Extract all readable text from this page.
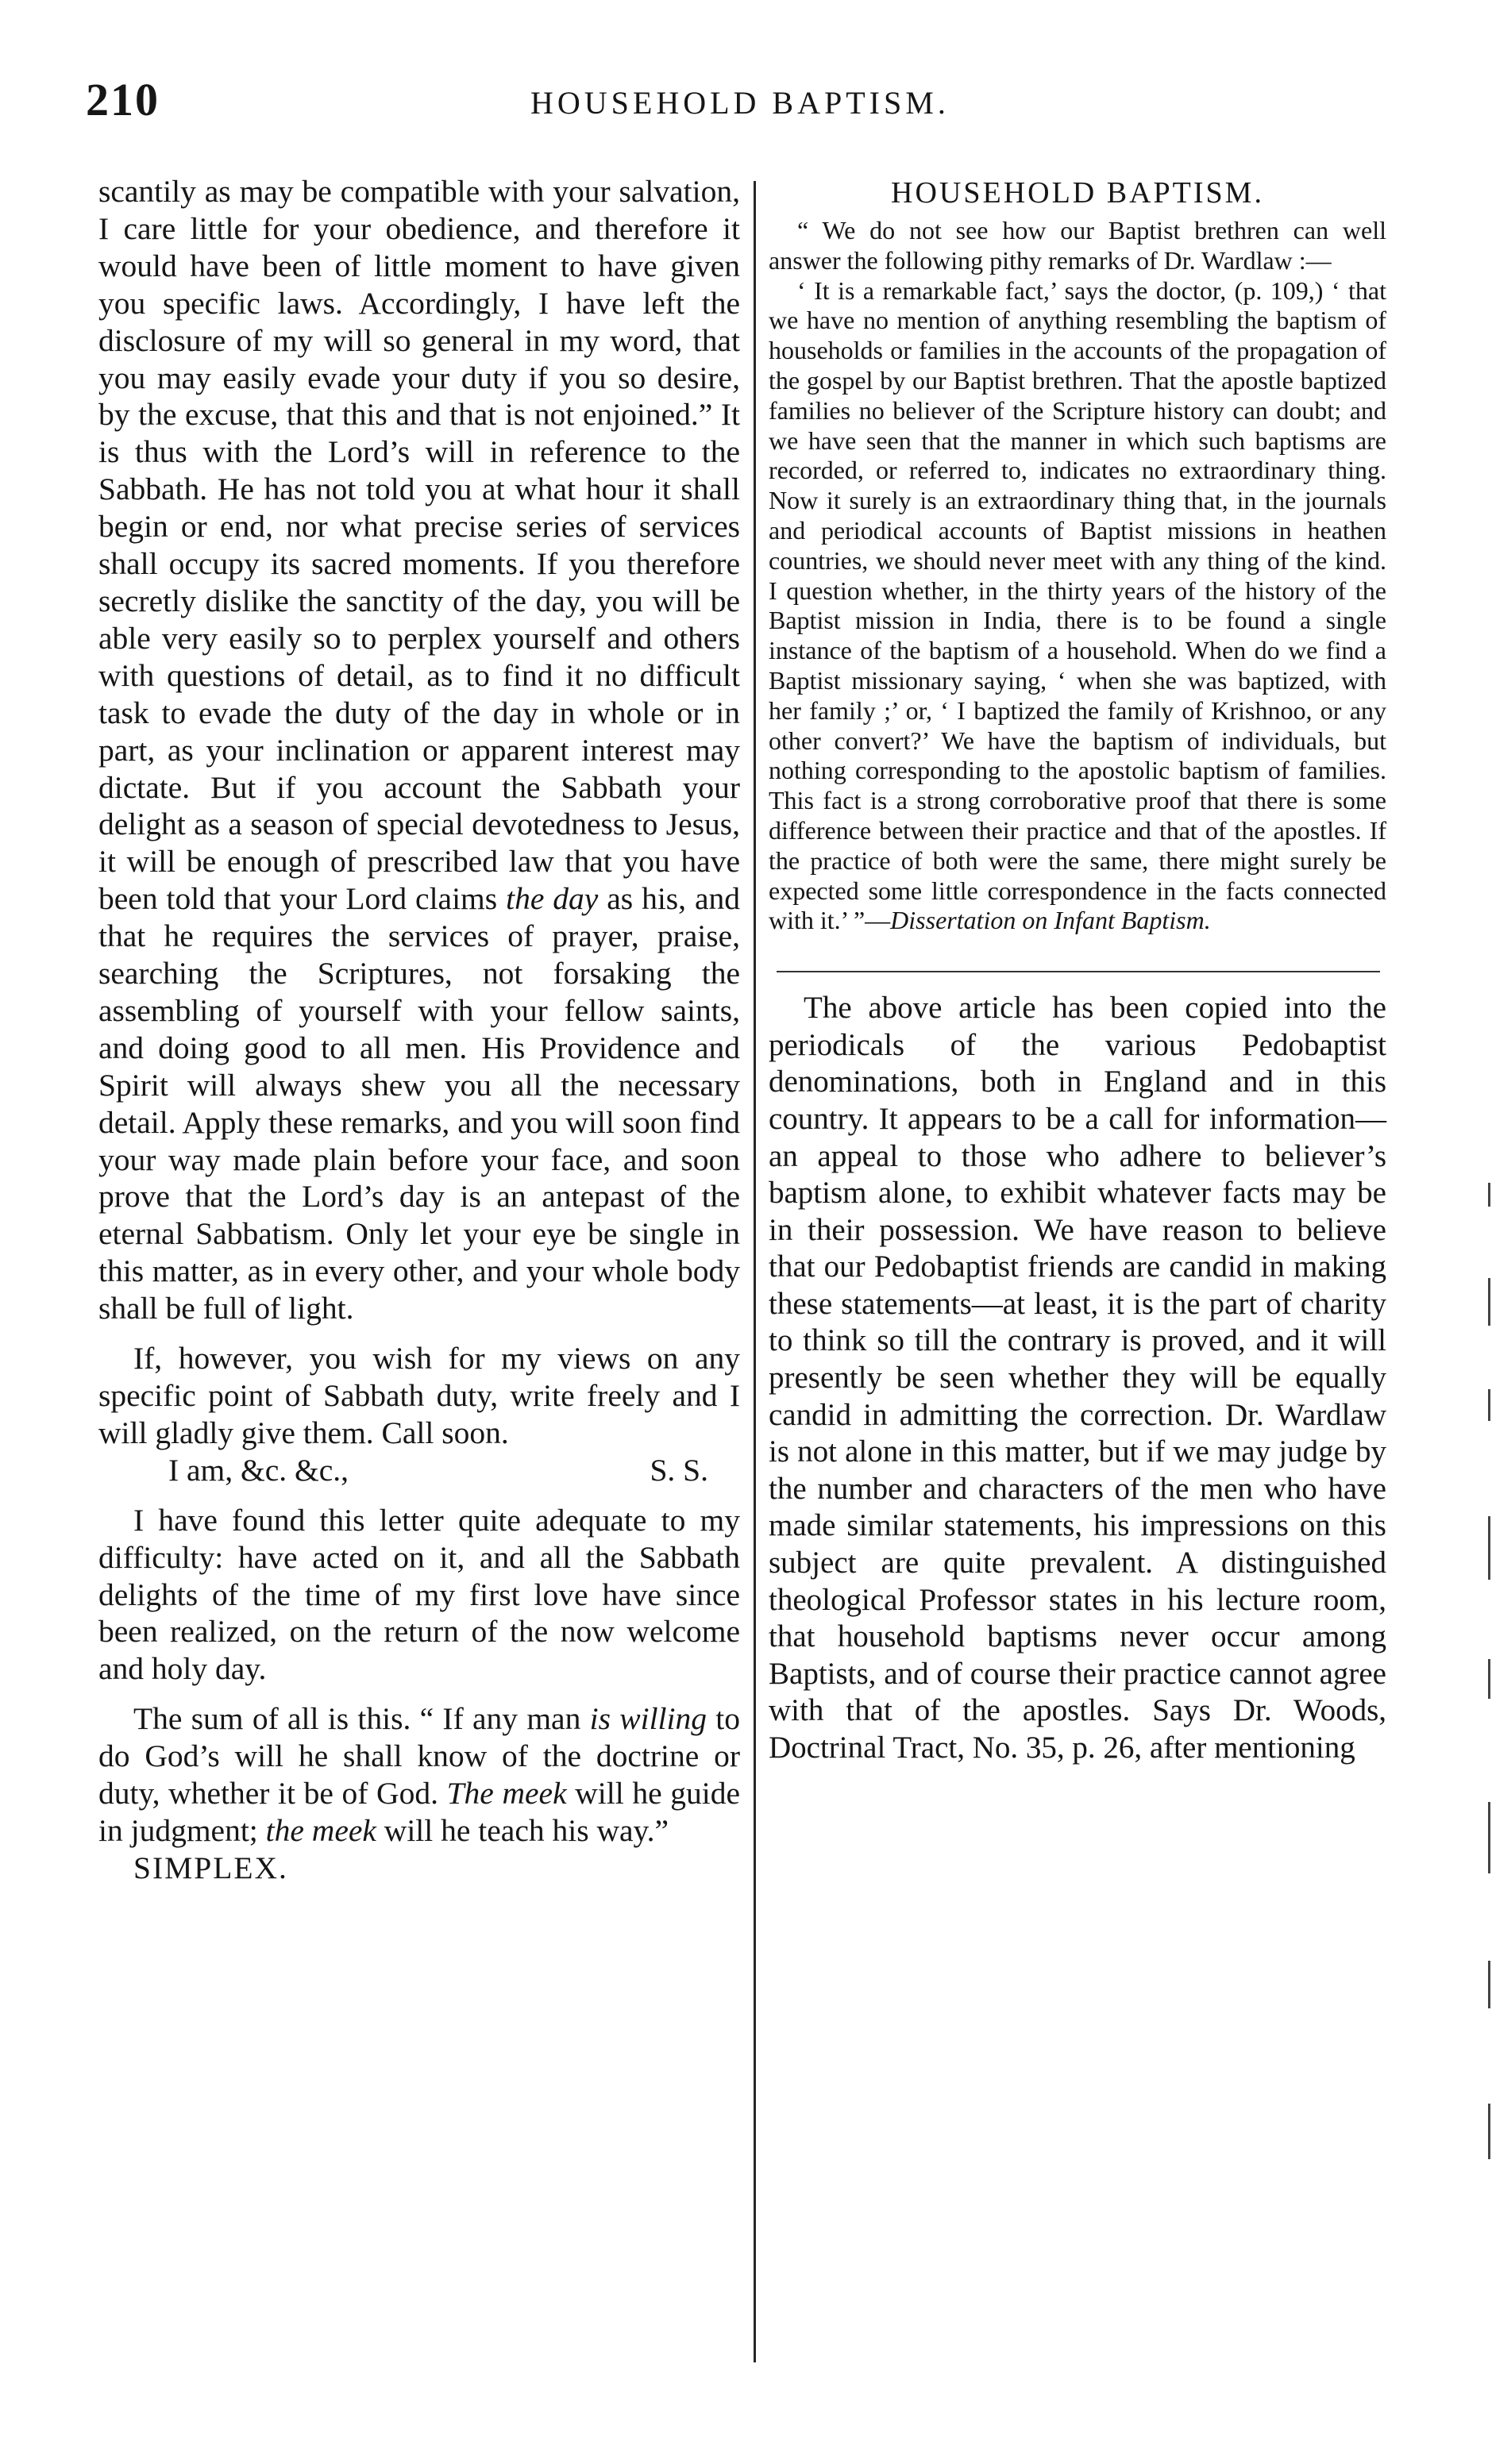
210	HOUSEHOLD BAPTISM.

scantily as may be compatible with your salvation, I care little for your obedience, and therefore it would have been of little moment to have given you specific laws. Accordingly, I have left the disclosure of my will so general in my word, that you may easily evade your duty if you so desire, by the excuse, that this and that is not enjoined.” It is thus with the Lord’s will in reference to the Sabbath. He has not told you at what hour it shall begin or end, nor what precise series of services shall occupy its sacred moments. If you therefore secretly dislike the sanctity of the day, you will be able very easily so to perplex yourself and others with questions of detail, as to find it no difficult task to evade the duty of the day in whole or in part, as your inclination or apparent interest may dictate. But if you account the Sabbath your delight as a season of special devotedness to Jesus, it will be enough of prescribed law that you have been told that your Lord claims the day as his, and that he requires the services of prayer, praise, searching the Scriptures, not forsaking the assembling of yourself with your fellow saints, and doing good to all men. His Providence and Spirit will always shew you all the necessary detail. Apply these remarks, and you will soon find your way made plain before your face, and soon prove that the Lord’s day is an antepast of the eternal Sabbatism. Only let your eye be single in this matter, as in every other, and your whole body shall be full of light.

If, however, you wish for my views on any specific point of Sabbath duty, write freely and I will gladly give them. Call soon.

I am, &c. &c.,	S. S.

I have found this letter quite adequate to my difficulty: have acted on it, and all the Sabbath delights of the time of my first love have since been realized, on the return of the now welcome and holy day.

The sum of all is this. “ If any man is willing to do God’s will he shall know of the doctrine or duty, whether it be of God. The meek will he guide in judgment; the meek will he teach his way.”

SIMPLEX.

HOUSEHOLD BAPTISM.

“ We do not see how our Baptist brethren can well answer the following pithy remarks of Dr. Wardlaw :—

‘ It is a remarkable fact,’ says the doctor, (p. 109,) ‘ that we have no mention of anything resembling the baptism of households or families in the accounts of the propagation of the gospel by our Baptist brethren. That the apostle baptized families no believer of the Scripture history can doubt; and we have seen that the manner in which such baptisms are recorded, or referred to, indicates no extraordinary thing. Now it surely is an extraordinary thing that, in the journals and periodical accounts of Baptist missions in heathen countries, we should never meet with any thing of the kind. I question whether, in the thirty years of the history of the Baptist mission in India, there is to be found a single instance of the baptism of a household. When do we find a Baptist missionary saying, ‘ when she was baptized, with her family ;’ or, ‘ I baptized the family of Krishnoo, or any other convert?’ We have the baptism of individuals, but nothing corresponding to the apostolic baptism of families. This fact is a strong corroborative proof that there is some difference between their practice and that of the apostles. If the practice of both were the same, there might surely be expected some little correspondence in the facts connected with it.’ ”—Dissertation on Infant Baptism.

The above article has been copied into the periodicals of the various Pedobaptist denominations, both in England and in this country. It appears to be a call for information—an appeal to those who adhere to believer’s baptism alone, to exhibit whatever facts may be in their possession. We have reason to believe that our Pedobaptist friends are candid in making these statements—at least, it is the part of charity to think so till the contrary is proved, and it will presently be seen whether they will be equally candid in admitting the correction. Dr. Wardlaw is not alone in this matter, but if we may judge by the number and characters of the men who have made similar statements, his impressions on this subject are quite prevalent. A distinguished theological Professor states in his lecture room, that household baptisms never occur among Baptists, and of course their practice cannot agree with that of the apostles. Says Dr. Woods, Doctrinal Tract, No. 35, p. 26, after mentioning
